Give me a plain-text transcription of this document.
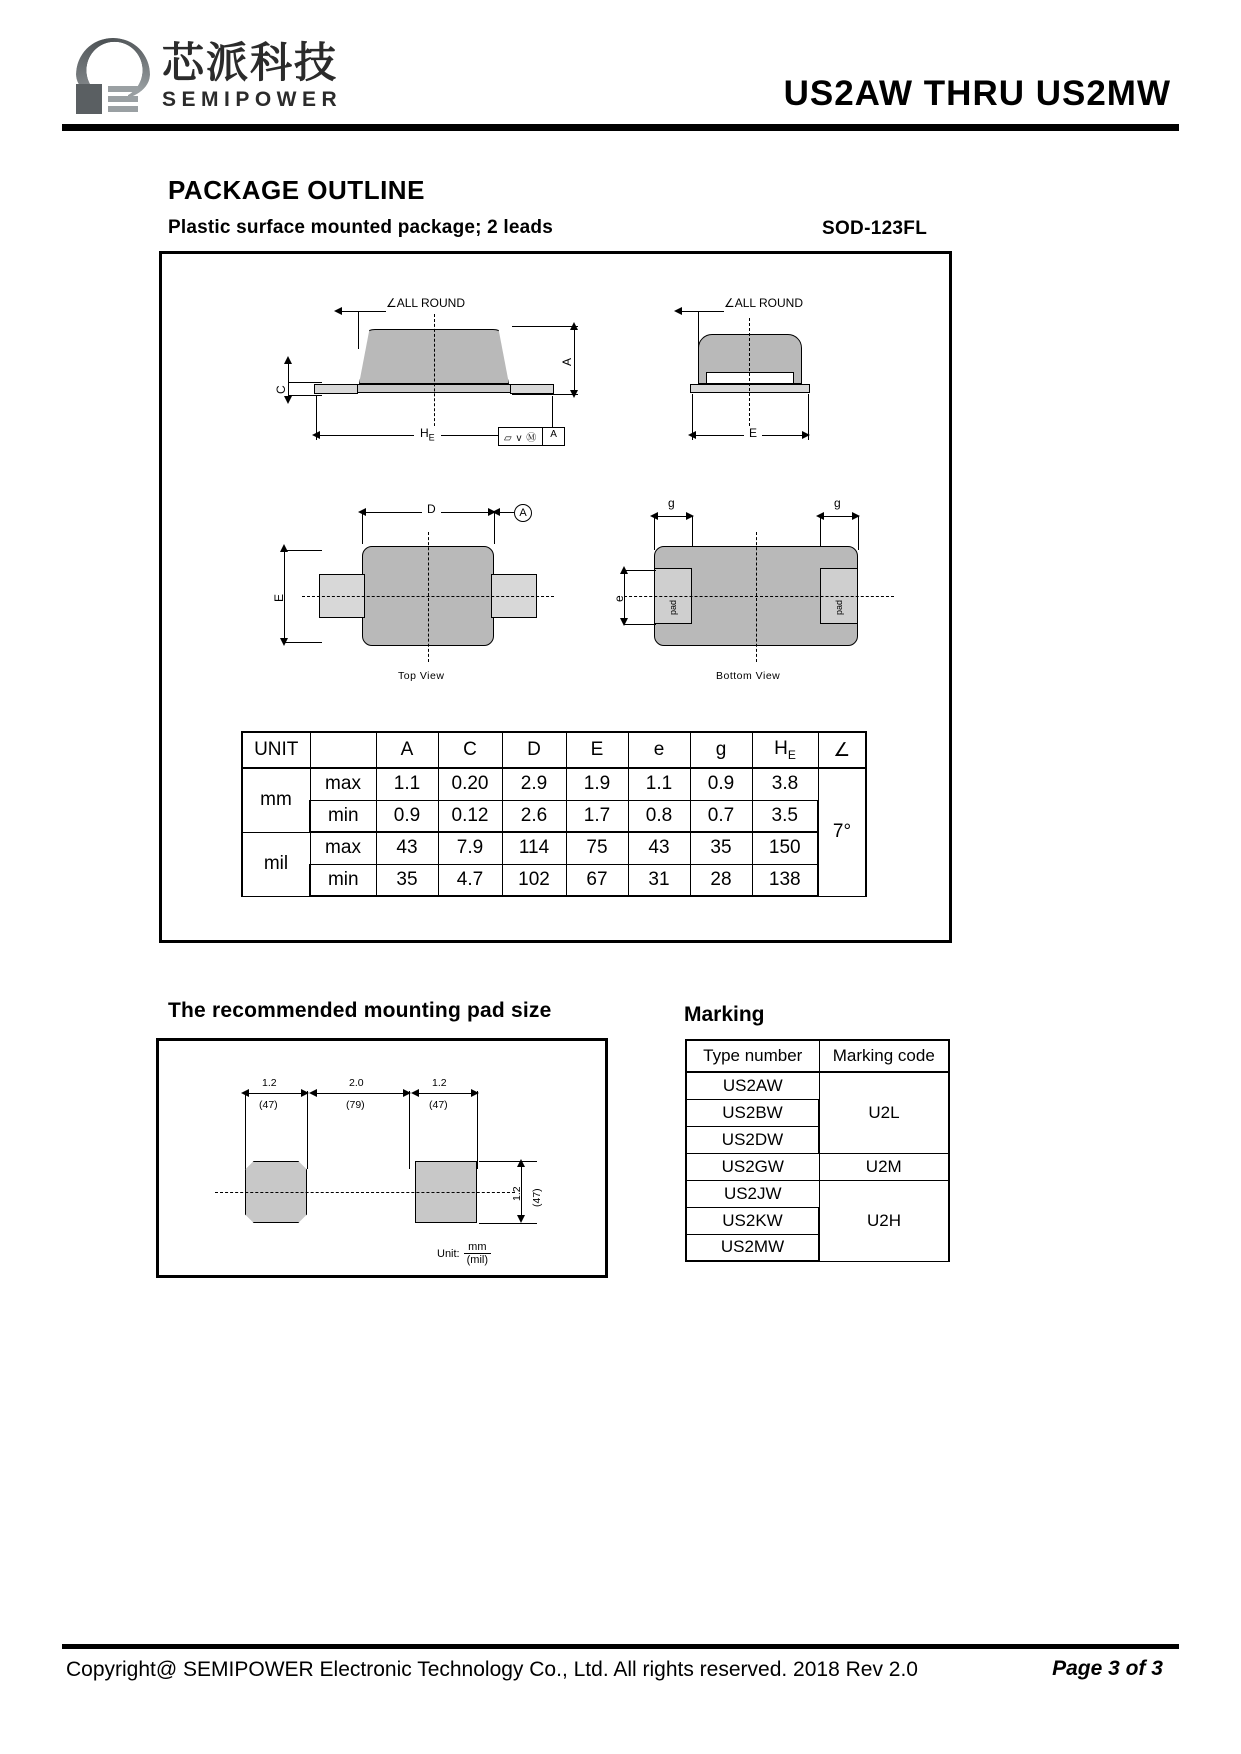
芯派科技
SEMIPOWER	US2AW THRU US2MW
PACKAGE OUTLINE
Plastic surface mounted package; 2 leads	SOD-123FL
∠ALL ROUND
A
C
$H_E$	⏥ v Ⓜ	A
∠ALL ROUND
E
D	A
E
Top View
g	g
pad	pad
e
Bottom View
UNIT		A	C	D	E	e	g	$H_E$	∠
mm	max	1.1	0.20	2.9	1.9	1.1	0.9	3.8	7°
	min	0.9	0.12	2.6	1.7	0.8	0.7	3.5	
mil	max	43	7.9	114	75	43	35	150	
	min	35	4.7	102	67	31	28	138	
The recommended mounting pad size
1.2
(47)
2.0
(79)
1.2
(47)
1.2 (47)
Unit:
mm
(mil)
Marking
Type number	Marking code
US2AW	U2L
US2BW	
US2DW	
US2GW	U2M
US2JW	U2H
US2KW	
US2MW	
Copyright@ SEMIPOWER Electronic Technology Co., Ltd. All rights reserved. 2018 Rev 2.0	Page 3 of 3
